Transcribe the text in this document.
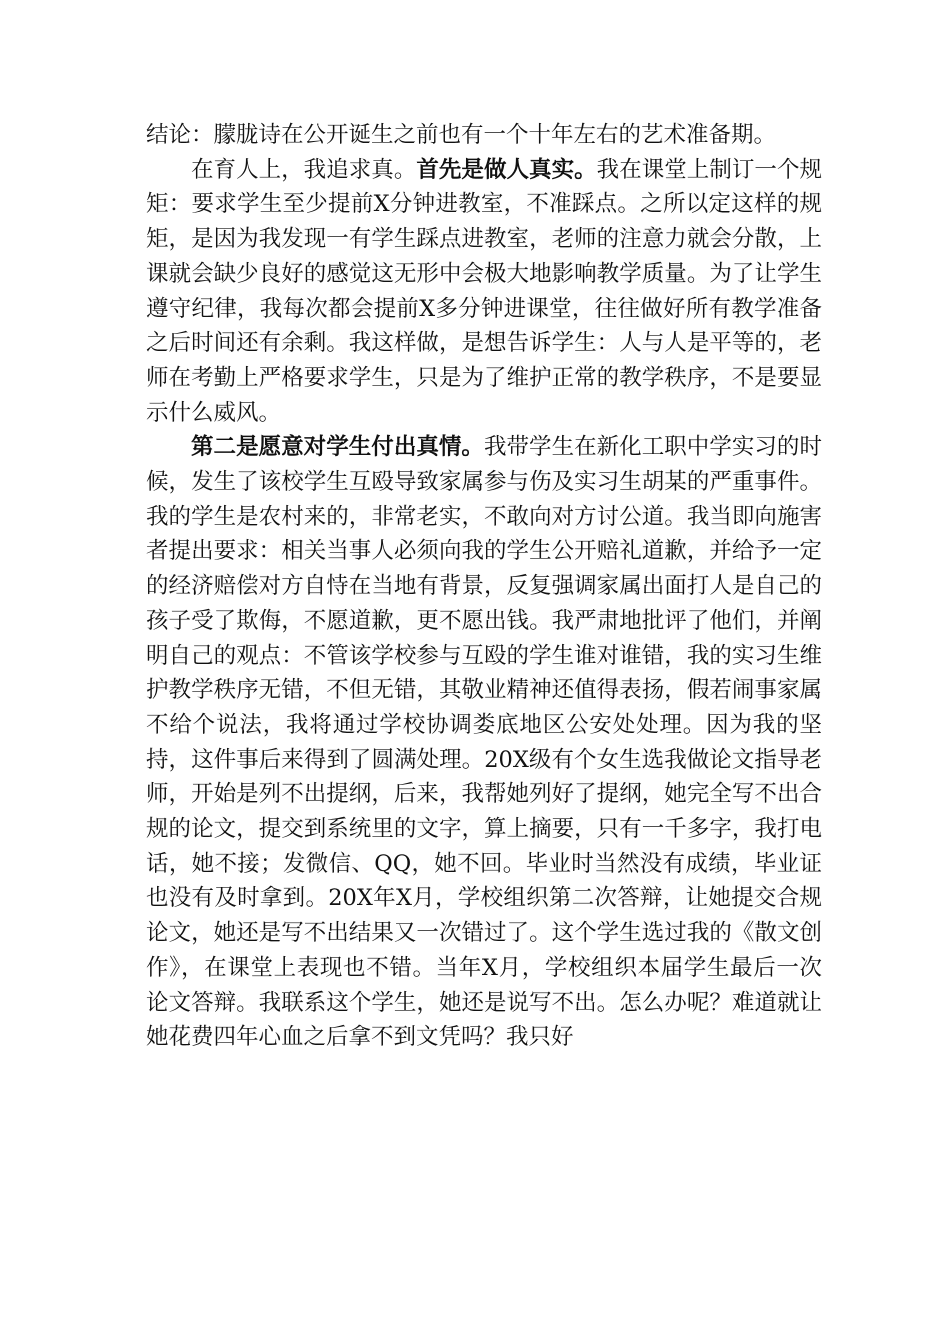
结论：朦胧诗在公开诞生之前也有一个十年左右的艺术准备期。

在育人上，我追求真。首先是做人真实。我在课堂上制订一个规矩：要求学生至少提前X分钟进教室，不准踩点。之所以定这样的规矩，是因为我发现一有学生踩点进教室，老师的注意力就会分散，上课就会缺少良好的感觉这无形中会极大地影响教学质量。为了让学生遵守纪律，我每次都会提前X多分钟进课堂，往往做好所有教学准备之后时间还有余剩。我这样做，是想告诉学生：人与人是平等的，老师在考勤上严格要求学生，只是为了维护正常的教学秩序，不是要显示什么威风。

第二是愿意对学生付出真情。我带学生在新化工职中学实习的时候，发生了该校学生互殴导致家属参与伤及实习生胡某的严重事件。我的学生是农村来的，非常老实，不敢向对方讨公道。我当即向施害者提出要求：相关当事人必须向我的学生公开赔礼道歉，并给予一定的经济赔偿对方自恃在当地有背景，反复强调家属出面打人是自己的孩子受了欺侮，不愿道歉，更不愿出钱。我严肃地批评了他们，并阐明自己的观点：不管该学校参与互殴的学生谁对谁错，我的实习生维护教学秩序无错，不但无错，其敬业精神还值得表扬，假若闹事家属不给个说法，我将通过学校协调娄底地区公安处处理。因为我的坚持，这件事后来得到了圆满处理。20X级有个女生选我做论文指导老师，开始是列不出提纲，后来，我帮她列好了提纲，她完全写不出合规的论文，提交到系统里的文字，算上摘要，只有一千多字，我打电话，她不接；发微信、QQ，她不回。毕业时当然没有成绩，毕业证也没有及时拿到。20X年X月，学校组织第二次答辩，让她提交合规论文，她还是写不出结果又一次错过了。这个学生选过我的《散文创作》，在课堂上表现也不错。当年X月，学校组织本届学生最后一次论文答辩。我联系这个学生，她还是说写不出。怎么办呢？难道就让她花费四年心血之后拿不到文凭吗？我只好
